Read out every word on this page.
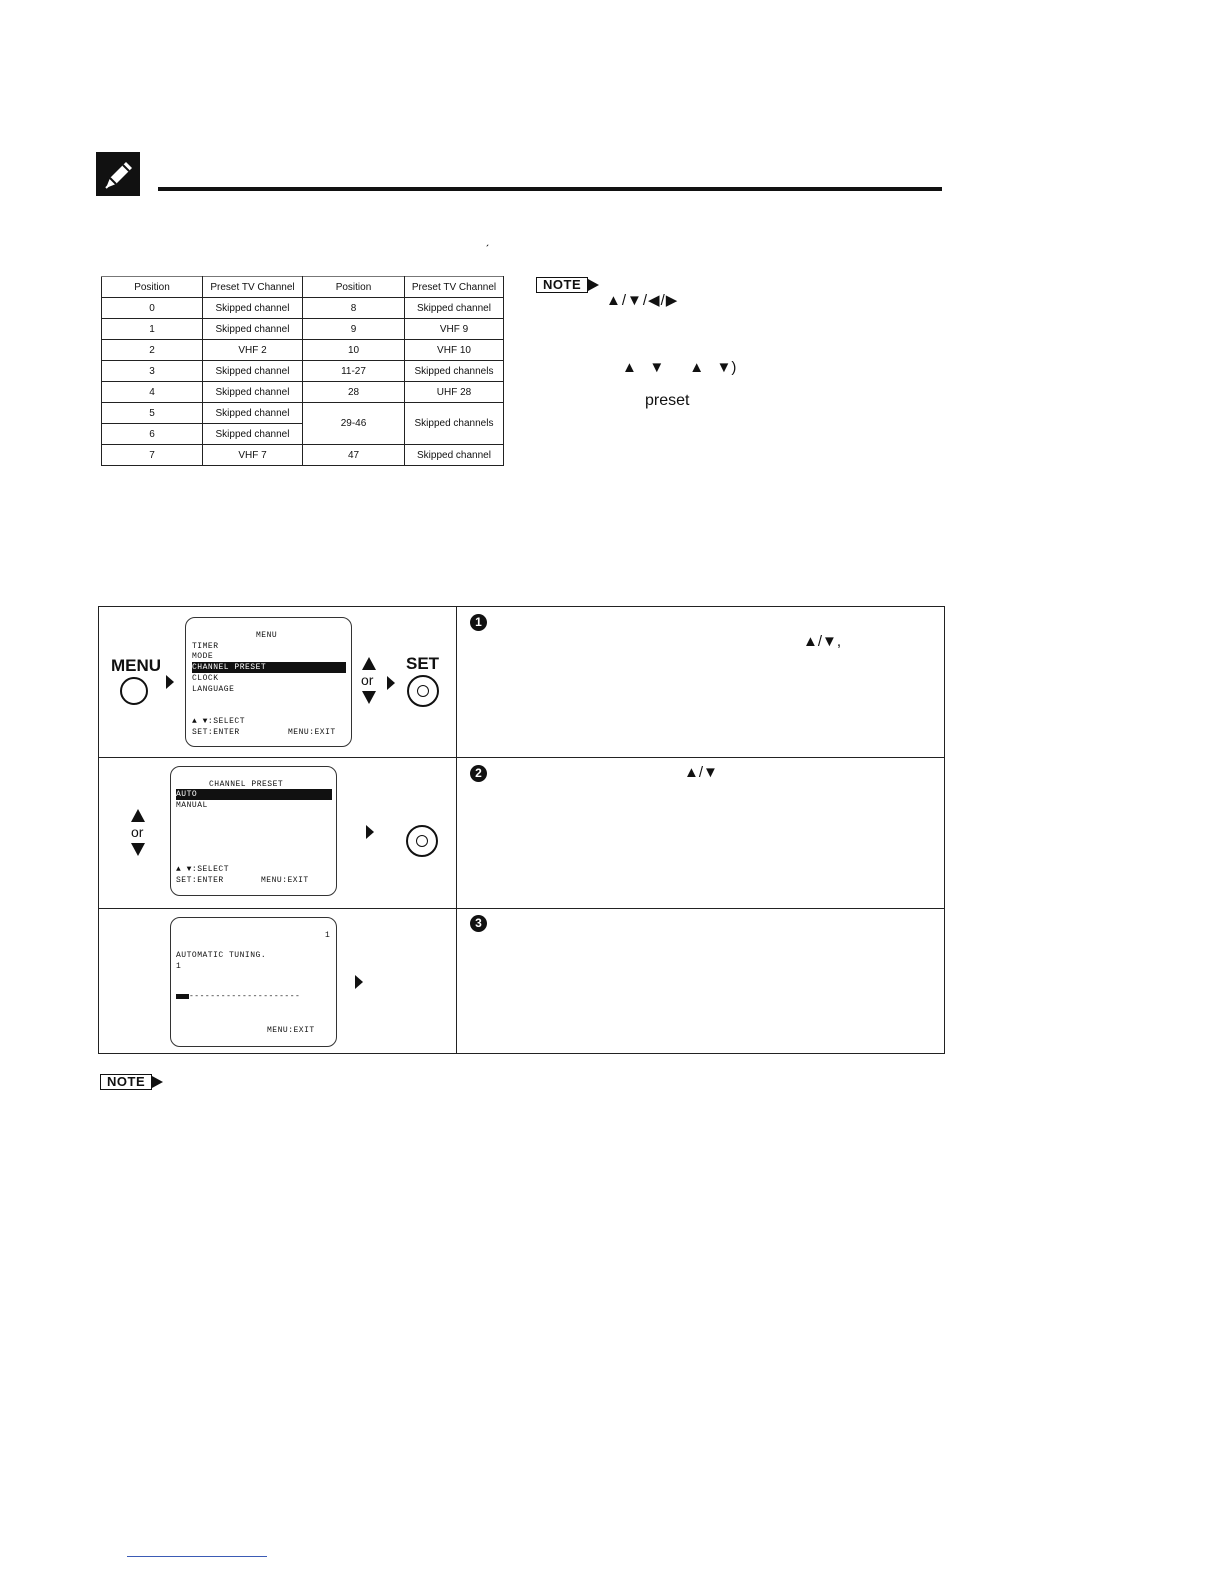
ˏ
Position	Preset TV Channel	Position	Preset TV Channel
0	Skipped channel	8	Skipped channel
1	Skipped channel	9	VHF 9
2	VHF 2	10	VHF 10
3	Skipped channel	11-27	Skipped channels
4	Skipped channel	28	UHF 28
5	Skipped channel	29-46	Skipped channels
6	Skipped channel		
7	VHF 7	47	Skipped channel
NOTE
▲/▼/◀/▶
▲   ▼      ▲   ▼)
preset
MENU
MENU
TIMER
MODE
CHANNEL PRESET
CLOCK
LANGUAGE
▲ ▼:SELECT
SET:ENTER	MENU:EXIT
or
SET
1
▲/▼,
or
CHANNEL PRESET
AUTO
MANUAL
▲ ▼:SELECT
SET:ENTER	MENU:EXIT
2	▲/▼
1
AUTOMATIC TUNING.
1
---------------------
MENU:EXIT
3
NOTE
